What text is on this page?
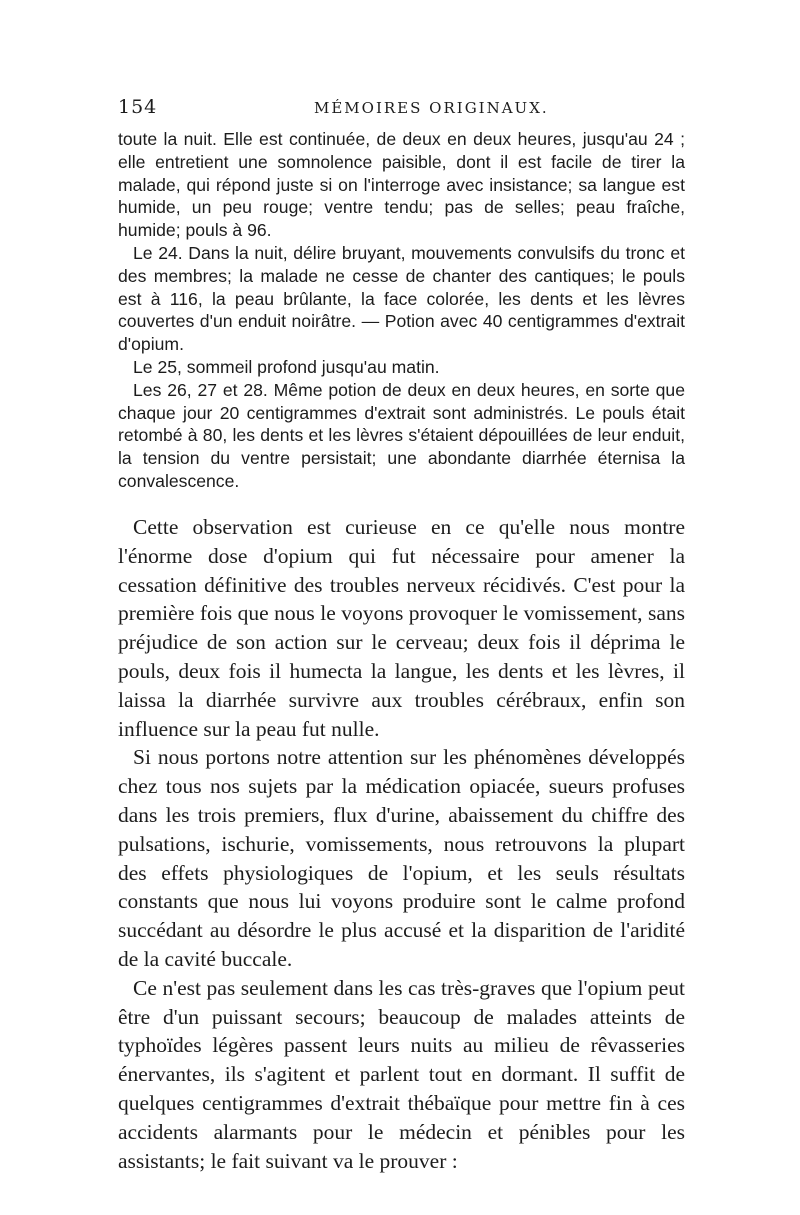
154	MÉMOIRES ORIGINAUX.

toute la nuit. Elle est continuée, de deux en deux heures, jusqu'au 24 ; elle entretient une somnolence paisible, dont il est facile de tirer la malade, qui répond juste si on l'interroge avec insistance; sa langue est humide, un peu rouge; ventre tendu; pas de selles; peau fraîche, humide; pouls à 96.

Le 24. Dans la nuit, délire bruyant, mouvements convulsifs du tronc et des membres; la malade ne cesse de chanter des cantiques; le pouls est à 116, la peau brûlante, la face colorée, les dents et les lèvres couvertes d'un enduit noirâtre. — Potion avec 40 centigrammes d'extrait d'opium.

Le 25, sommeil profond jusqu'au matin.

Les 26, 27 et 28. Même potion de deux en deux heures, en sorte que chaque jour 20 centigrammes d'extrait sont administrés. Le pouls était retombé à 80, les dents et les lèvres s'étaient dépouillées de leur enduit, la tension du ventre persistait; une abondante diarrhée éternisa la convalescence.

Cette observation est curieuse en ce qu'elle nous montre l'énorme dose d'opium qui fut nécessaire pour amener la cessation définitive des troubles nerveux récidivés. C'est pour la première fois que nous le voyons provoquer le vomissement, sans préjudice de son action sur le cerveau; deux fois il déprima le pouls, deux fois il humecta la langue, les dents et les lèvres, il laissa la diarrhée survivre aux troubles cérébraux, enfin son influence sur la peau fut nulle.

Si nous portons notre attention sur les phénomènes développés chez tous nos sujets par la médication opiacée, sueurs profuses dans les trois premiers, flux d'urine, abaissement du chiffre des pulsations, ischurie, vomissements, nous retrouvons la plupart des effets physiologiques de l'opium, et les seuls résultats constants que nous lui voyons produire sont le calme profond succédant au désordre le plus accusé et la disparition de l'aridité de la cavité buccale.

Ce n'est pas seulement dans les cas très-graves que l'opium peut être d'un puissant secours; beaucoup de malades atteints de typhoïdes légères passent leurs nuits au milieu de rêvasseries énervantes, ils s'agitent et parlent tout en dormant. Il suffit de quelques centigrammes d'extrait thébaïque pour mettre fin à ces accidents alarmants pour le médecin et pénibles pour les assistants; le fait suivant va le prouver :
